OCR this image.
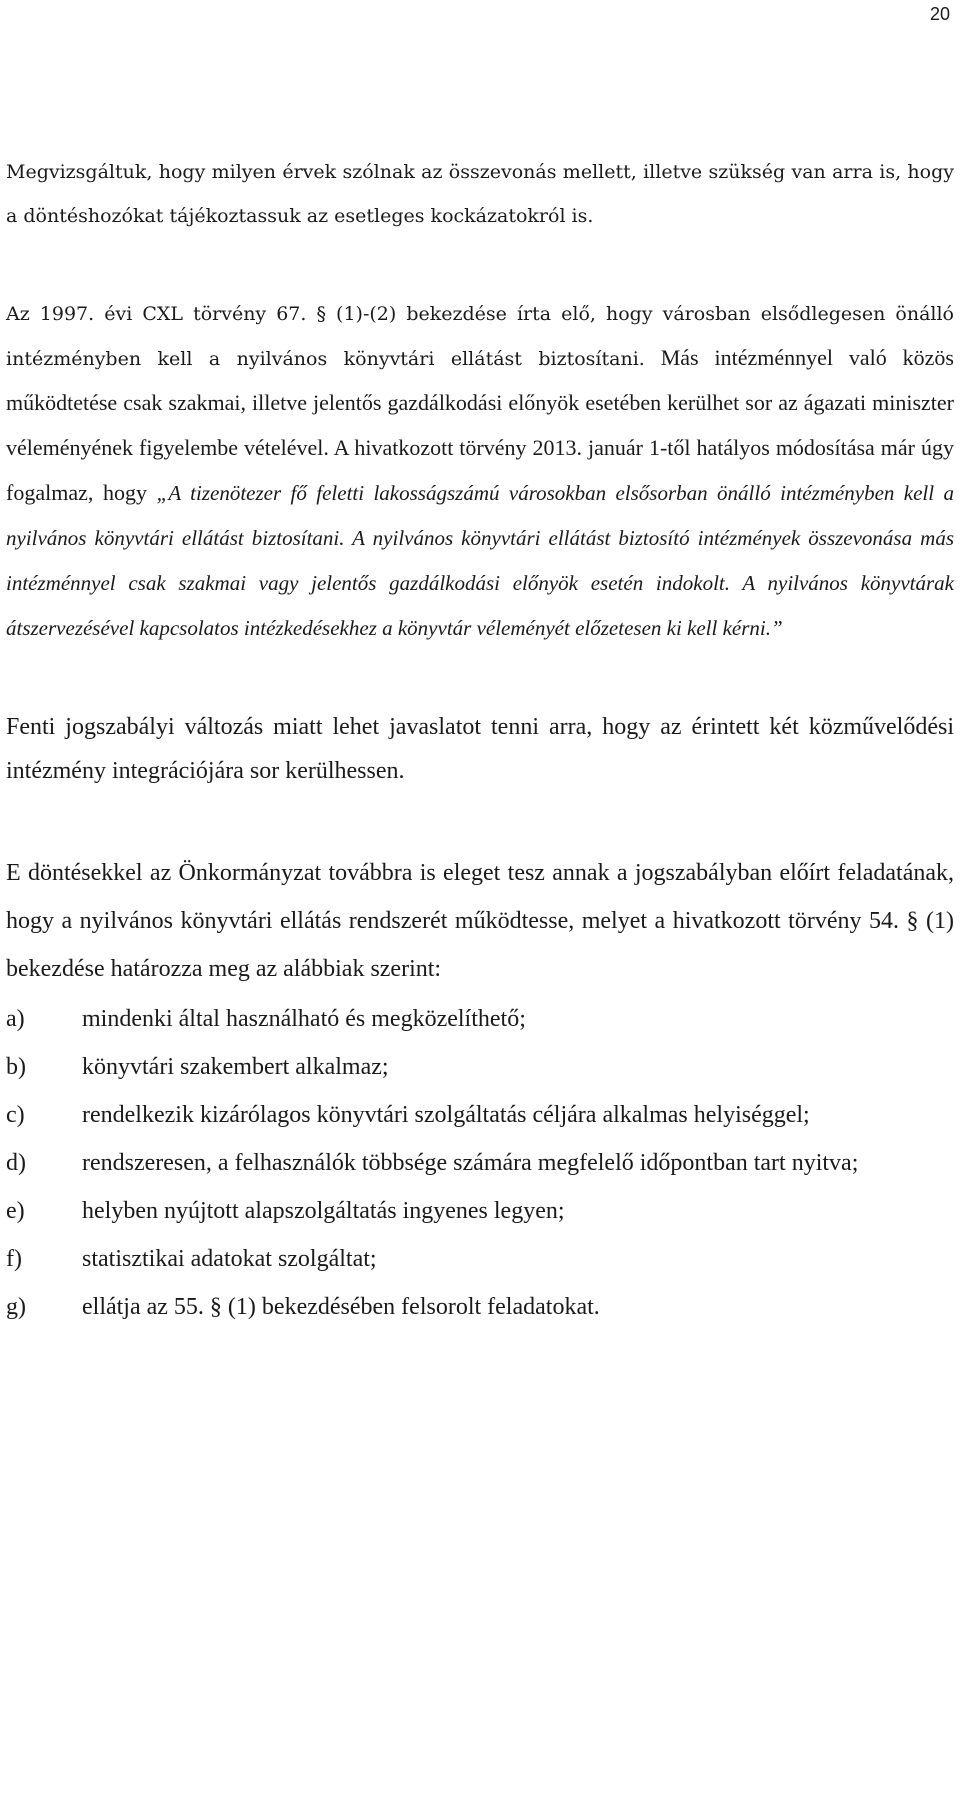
20

Megvizsgáltuk, hogy milyen érvek szólnak az összevonás mellett, illetve szükség van arra is, hogy a döntéshozókat tájékoztassuk az esetleges kockázatokról is.

Az 1997. évi CXL törvény 67. § (1)-(2) bekezdése írta elő, hogy városban elsődlegesen önálló intézményben kell a nyilvános könyvtári ellátást biztosítani. Más intézménnyel való közös működtetése csak szakmai, illetve jelentős gazdálkodási előnyök esetében kerülhet sor az ágazati miniszter véleményének figyelembe vételével. A hivatkozott törvény 2013. január 1-től hatályos módosítása már úgy fogalmaz, hogy „A tizenötezer fő feletti lakosságszámú városokban elsősorban önálló intézményben kell a nyilvános könyvtári ellátást biztosítani. A nyilvános könyvtári ellátást biztosító intézmények összevonása más intézménnyel csak szakmai vagy jelentős gazdálkodási előnyök esetén indokolt. A nyilvános könyvtárak átszervezésével kapcsolatos intézkedésekhez a könyvtár véleményét előzetesen ki kell kérni.”

Fenti jogszabályi változás miatt lehet javaslatot tenni arra, hogy az érintett két közművelődési intézmény integrációjára sor kerülhessen.

E döntésekkel az Önkormányzat továbbra is eleget tesz annak a jogszabályban előírt feladatának, hogy a nyilvános könyvtári ellátás rendszerét működtesse, melyet a hivatkozott törvény 54. § (1) bekezdése határozza meg az alábbiak szerint:

a)	mindenki által használható és megközelíthető;
b)	könyvtári szakembert alkalmaz;
c)	rendelkezik kizárólagos könyvtári szolgáltatás céljára alkalmas helyiséggel;
d)	rendszeresen, a felhasználók többsége számára megfelelő időpontban tart nyitva;
e)	helyben nyújtott alapszolgáltatás ingyenes legyen;
f)	statisztikai adatokat szolgáltat;
g)	ellátja az 55. § (1) bekezdésében felsorolt feladatokat.
